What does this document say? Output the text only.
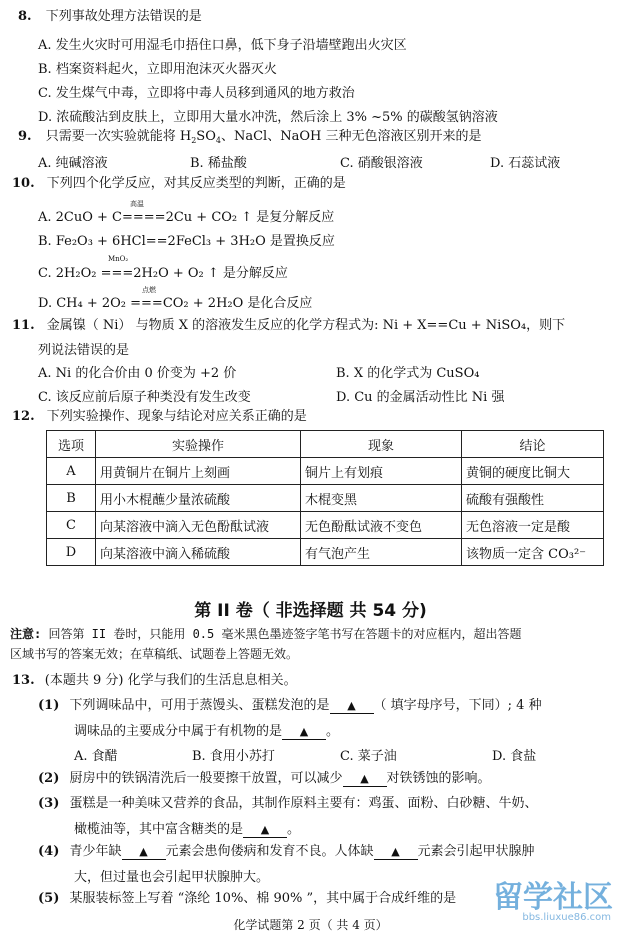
8. 下列事故处理方法错误的是
A. 发生火灾时可用湿毛巾捂住口鼻，低下身子沿墙壁跑出火灾区
B. 档案资料起火，立即用泡沫灭火器灭火
C. 发生煤气中毒，立即将中毒人员移到通风的地方救治
D. 浓硫酸沾到皮肤上，立即用大量水冲洗，然后涂上 3% ~5% 的碳酸氢钠溶液
9. 只需要一次实验就能将 $H_2SO_4$、NaCl、NaOH 三种无色溶液区别开来的是
A. 纯碱溶液	B. 稀盐酸	C. 硝酸银溶液	D. 石蕊试液
10. 下列四个化学反应，对其反应类型的判断，正确的是
高温
A. 2CuO + C====2Cu + CO₂ ↑ 是复分解反应
B. Fe₂O₃ + 6HCl==2FeCl₃ + 3H₂O 是置换反应
MnO₂
C. 2H₂O₂ ===2H₂O + O₂ ↑ 是分解反应
点燃
D. CH₄ + 2O₂ ===CO₂ + 2H₂O 是化合反应
11. 金属镍（ Ni） 与物质 X 的溶液发生反应的化学方程式为: Ni + X==Cu + NiSO₄，则下
列说法错误的是
A. Ni 的化合价由 0 价变为 +2 价	B. X 的化学式为 CuSO₄
C. 该反应前后原子种类没有发生改变	D. Cu 的金属活动性比 Ni 强
12. 下列实验操作、现象与结论对应关系正确的是
选项	实验操作	现象	结论
A	用黄铜片在铜片上刻画	铜片上有划痕	黄铜的硬度比铜大
B	用小木棍蘸少量浓硫酸	木棍变黑	硫酸有强酸性
C	向某溶液中滴入无色酚酞试液	无色酚酞试液不变色	无色溶液一定是酸
D	向某溶液中滴入稀硫酸	有气泡产生	该物质一定含 CO₃²⁻
第 II 卷（ 非选择题 共 54 分)
注意: 回答第 II 卷时，只能用 0.5 毫米黑色墨迹签字笔书写在答题卡的对应框内，超出答题
区域书写的答案无效；在草稿纸、试题卷上答题无效。
13. (本题共 9 分) 化学与我们的生活息息相关。
(1) 下列调味品中，可用于蒸馒头、蛋糕发泡的是 ▲ （ 填字母序号，下同）; 4 种
调味品的主要成分中属于有机物的是 ▲ 。
A. 食醋	B. 食用小苏打	C. 菜子油	D. 食盐
(2) 厨房中的铁锅清洗后一般要擦干放置，可以减少 ▲ 对铁锈蚀的影响。
(3) 蛋糕是一种美味又营养的食品，其制作原料主要有：鸡蛋、面粉、白砂糖、牛奶、
橄榄油等，其中富含糖类的是 ▲ 。
(4) 青少年缺 ▲ 元素会患佝偻病和发育不良。人体缺 ▲ 元素会引起甲状腺肿
大，但过量也会引起甲状腺肿大。
(5) 某服装标签上写着 “涤纶 10%、棉 90% ”，其中属于合成纤维的是
化学试题第 2 页（ 共 4 页）
留学社区
bbs.liuxue86.com
